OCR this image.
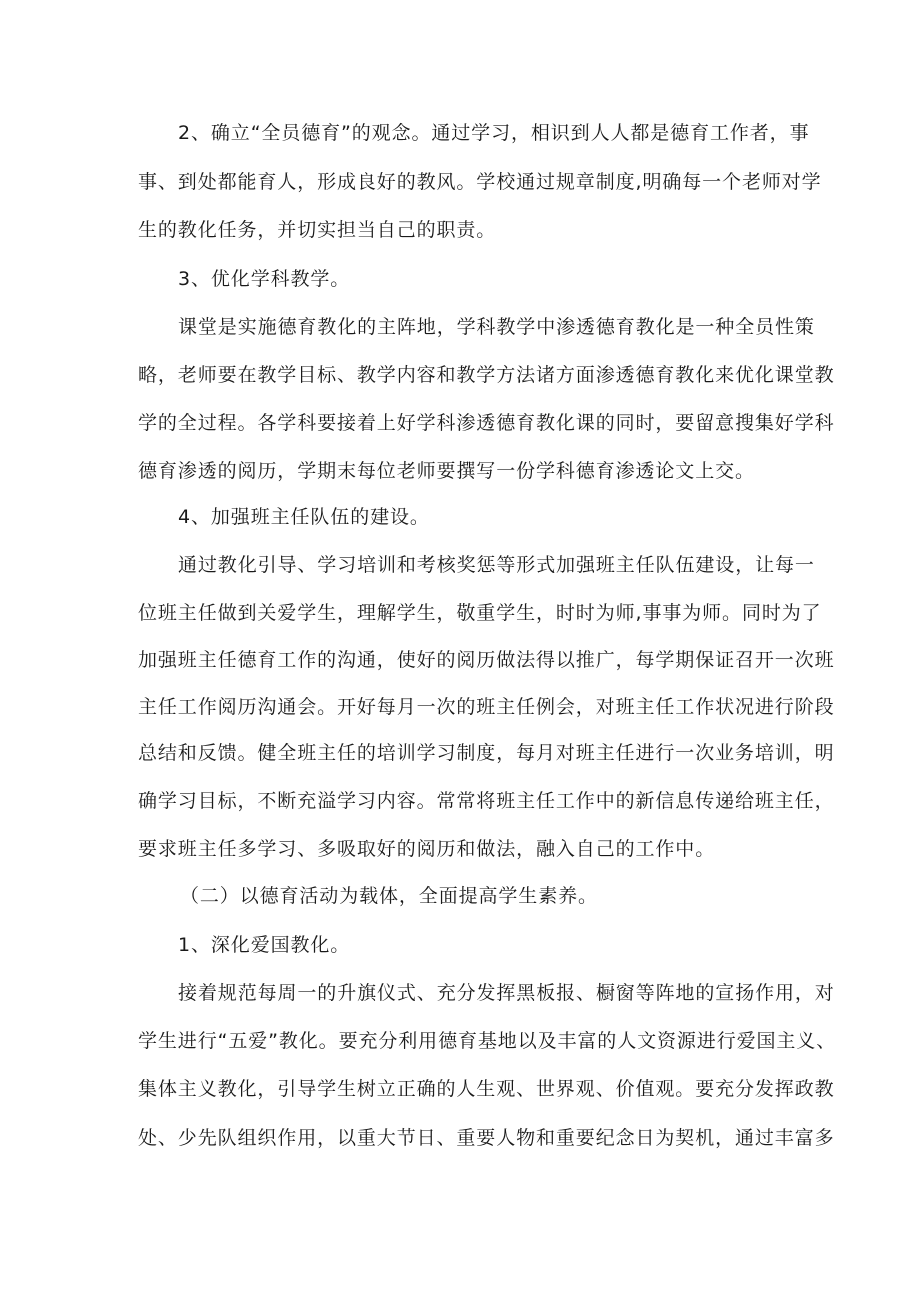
2、确立“全员德育”的观念。通过学习，相识到人人都是德育工作者，事
事、到处都能育人，形成良好的教风。学校通过规章制度,明确每一个老师对学
生的教化任务，并切实担当自己的职责。
3、优化学科教学。
课堂是实施德育教化的主阵地，学科教学中渗透德育教化是一种全员性策
略，老师要在教学目标、教学内容和教学方法诸方面渗透德育教化来优化课堂教
学的全过程。各学科要接着上好学科渗透德育教化课的同时，要留意搜集好学科
德育渗透的阅历，学期末每位老师要撰写一份学科德育渗透论文上交。
4、加强班主任队伍的建设。
通过教化引导、学习培训和考核奖惩等形式加强班主任队伍建设，让每一
位班主任做到关爱学生，理解学生，敬重学生，时时为师,事事为师。同时为了
加强班主任德育工作的沟通，使好的阅历做法得以推广，每学期保证召开一次班
主任工作阅历沟通会。开好每月一次的班主任例会，对班主任工作状况进行阶段
总结和反馈。健全班主任的培训学习制度，每月对班主任进行一次业务培训，明
确学习目标，不断充溢学习内容。常常将班主任工作中的新信息传递给班主任，
要求班主任多学习、多吸取好的阅历和做法，融入自己的工作中。
（二）以德育活动为载体，全面提高学生素养。
1、深化爱国教化。
接着规范每周一的升旗仪式、充分发挥黑板报、橱窗等阵地的宣扬作用，对
学生进行“五爱”教化。要充分利用德育基地以及丰富的人文资源进行爱国主义、
集体主义教化，引导学生树立正确的人生观、世界观、价值观。要充分发挥政教
处、少先队组织作用，以重大节日、重要人物和重要纪念日为契机，通过丰富多
